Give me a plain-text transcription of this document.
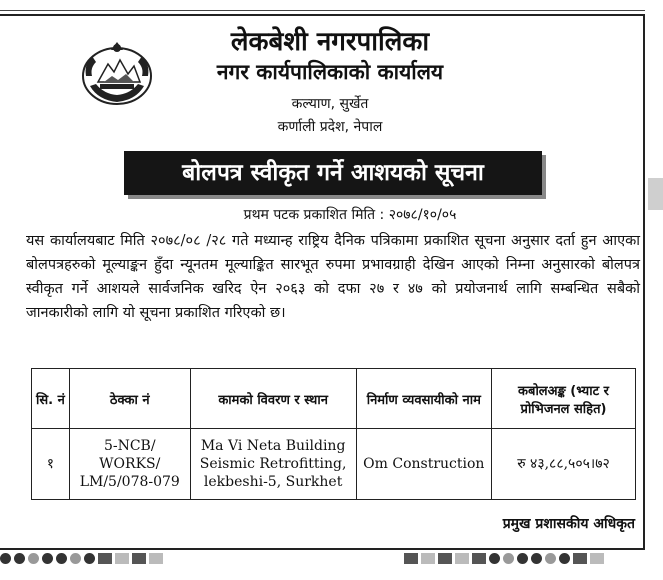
लेकबेशी नगरपालिका
नगर कार्यपालिकाको कार्यालय
कल्याण, सुर्खेत
कर्णाली प्रदेश, नेपाल
बोलपत्र स्वीकृत गर्ने आशयको सूचना
प्रथम पटक प्रकाशित मिति : २०७८/१०/०५
यस कार्यालयबाट मिति २०७८/०८ /२८ गते मध्यान्ह राष्ट्रिय दैनिक पत्रिकामा प्रकाशित सूचना अनुसार दर्ता हुन आएका बोलपत्रहरुको मूल्याङ्कन हुँदा न्यूनतम मूल्याङ्कित सारभूत रुपमा प्रभावग्राही देखिन आएको निम्ना अनुसारको बोलपत्र स्वीकृत गर्ने आशयले सार्वजनिक खरिद ऐन २०६३ को दफा २७ र ४७ को प्रयोजनार्थ लागि सम्बन्धित सबैको जानकारीको लागि यो सूचना प्रकाशित गरिएको छ।
सि. नं	ठेक्का नं	कामको विवरण र स्थान	निर्माण व्यवसायीको नाम	कबोलअङ्क (भ्याट र प्रोभिजनल सहित)
१	5-NCB/ WORKS/ LM/5/078-079	Ma Vi Neta Building Seismic Retrofitting, lekbeshi-5, Surkhet	Om Construction	रु ४३,८८,५०५।७२
प्रमुख प्रशासकीय अधिकृत
